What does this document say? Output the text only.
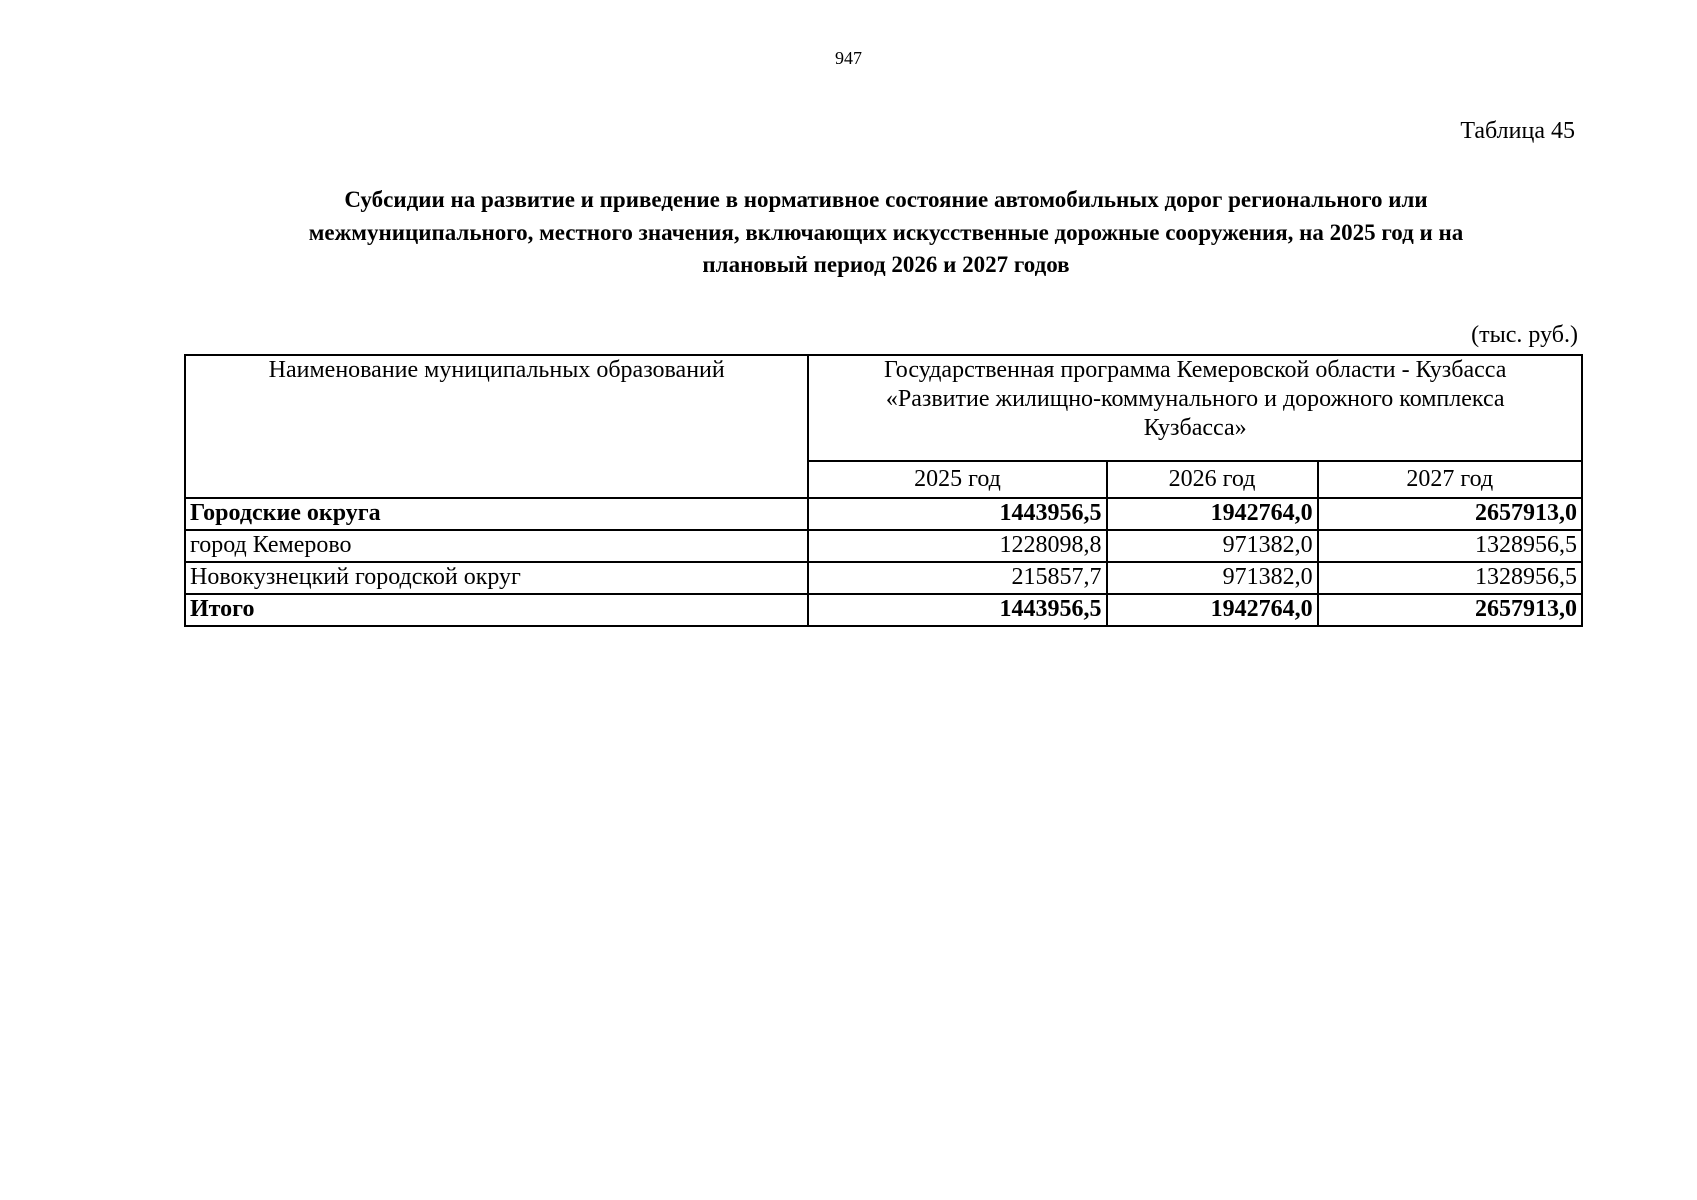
947
Таблица 45
Субсидии на развитие и приведение в нормативное состояние автомобильных дорог регионального или
межмуниципального, местного значения, включающих искусственные дорожные сооружения, на 2025 год и на
плановый период 2026 и 2027 годов
(тыс. руб.)
Наименование муниципальных образований	Государственная программа Кемеровской области - Кузбасса
«Развитие жилищно-коммунального и дорожного комплекса
Кузбасса»		
	2025 год	2026 год	2027 год
Городские округа	1443956,5	1942764,0	2657913,0
город Кемерово	1228098,8	971382,0	1328956,5
Новокузнецкий городской округ	215857,7	971382,0	1328956,5
Итого	1443956,5	1942764,0	2657913,0
